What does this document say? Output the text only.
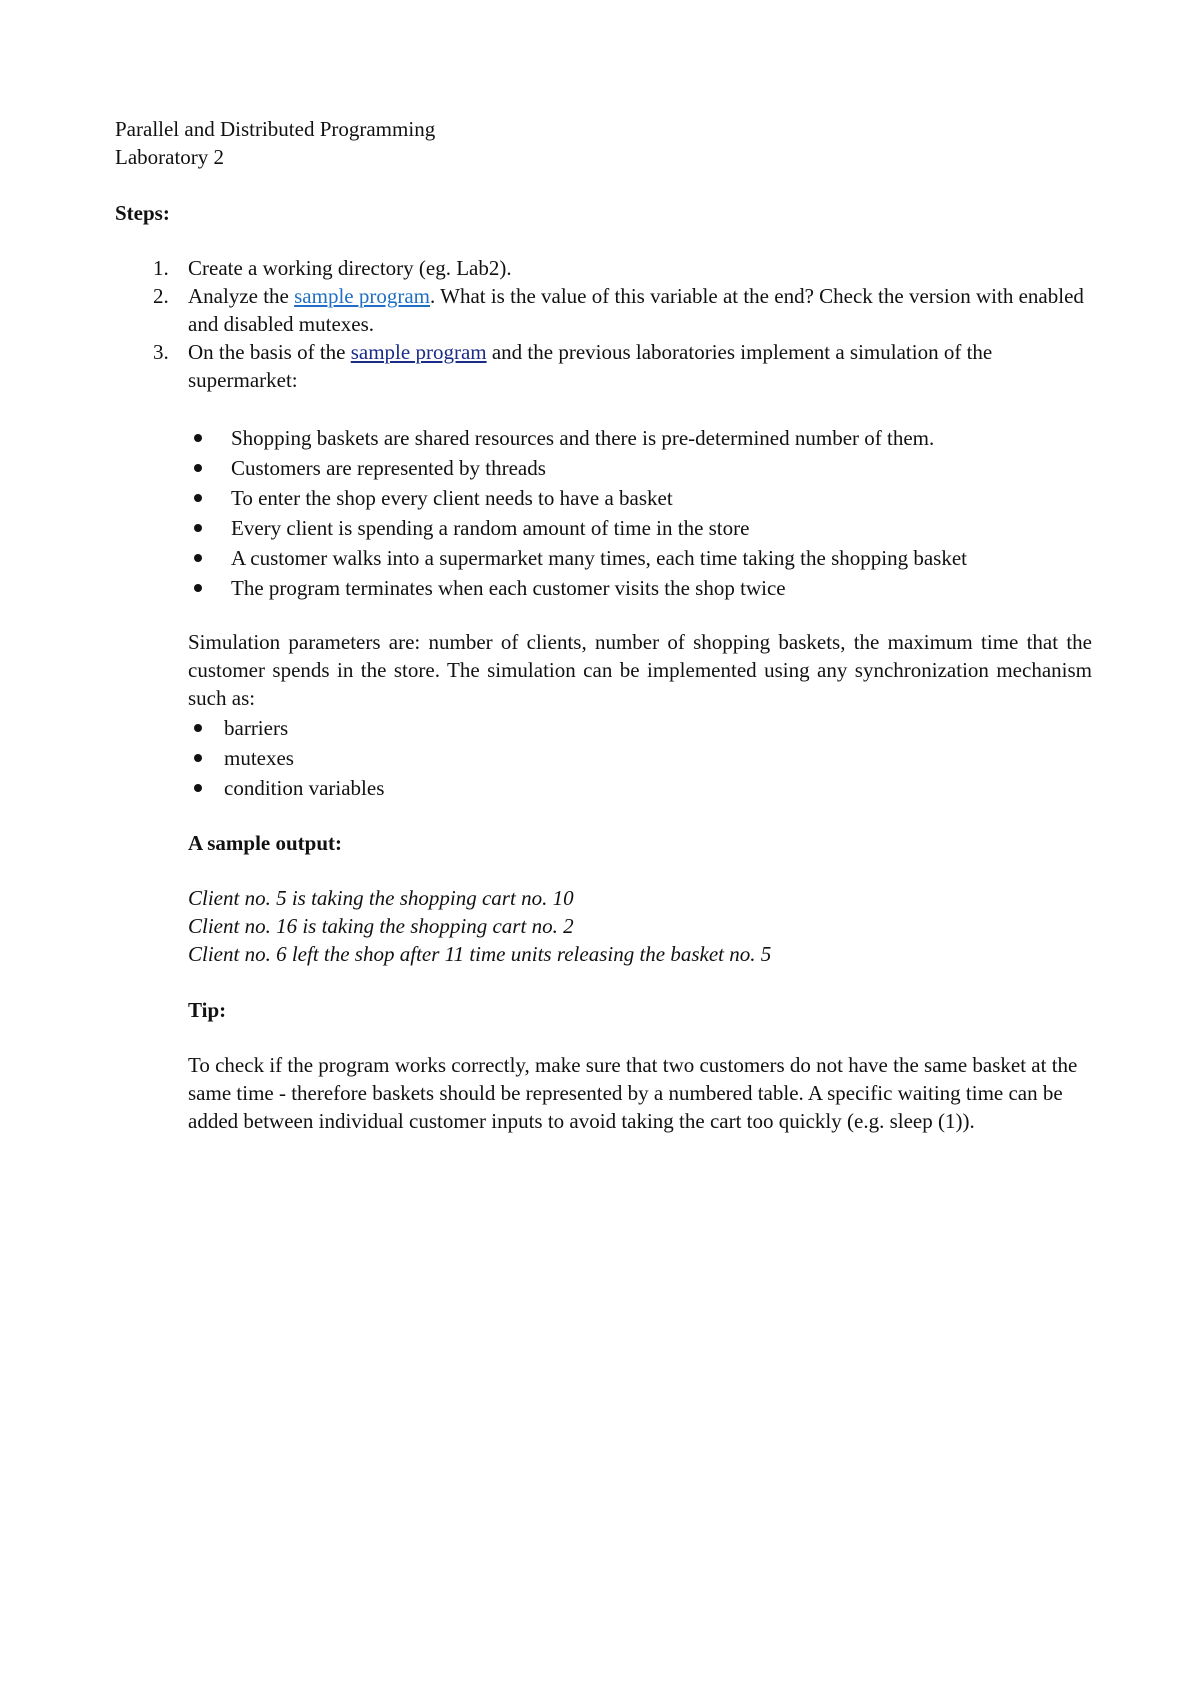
Parallel and Distributed Programming
Laboratory 2
Steps:
1. Create a working directory (eg. Lab2).
2. Analyze the sample program. What is the value of this variable at the end? Check the version with enabled and disabled mutexes.
3. On the basis of the sample program and the previous laboratories implement a simulation of the supermarket:
Shopping baskets are shared resources and there is pre-determined number of them.
Customers are represented by threads
To enter the shop every client needs to have a basket
Every client is spending a random amount of time in the store
A customer walks into a supermarket many times, each time taking the shopping basket
The program terminates when each customer visits the shop twice
Simulation parameters are: number of clients, number of shopping baskets, the maximum time that the customer spends in the store. The simulation can be implemented using any synchronization mechanism such as:
barriers
mutexes
condition variables
A sample output:
Client no. 5 is taking the shopping cart no. 10
Client no. 16 is taking the shopping cart no. 2
Client no. 6 left the shop after 11 time units releasing the basket no. 5
Tip:
To check if the program works correctly, make sure that two customers do not have the same basket at the same time - therefore baskets should be represented by a numbered table. A specific waiting time can be added between individual customer inputs to avoid taking the cart too quickly (e.g. sleep (1)).
